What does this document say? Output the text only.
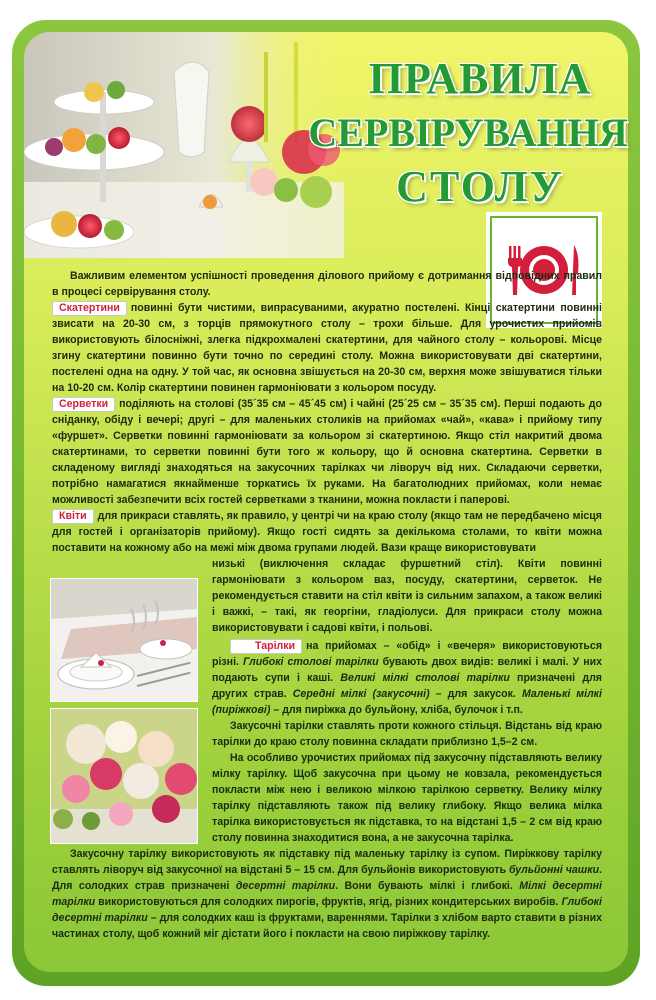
ПРАВИЛА
СЕРВІРУВАННЯ
СТОЛУ

Важливим елементом успішності проведення ділового прийому є дотримання відповідних правил в процесі сервірування столу.

Скатертини повинні бути чистими, випрасуваними, акуратно постелені. Кінці скатертини повинні звисати на 20-30 см, з торців прямокутного столу – трохи більше. Для урочистих прийомів використовують білосніжні, злегка підкрохмалені скатертини, для чайного столу – кольорові. Місце згину скатертини повинно бути точно по середині столу. Можна використовувати дві скатертини, постелені одна на одну. У той час, як основна звішується на 20-30 см, верхня може звішуватися тільки на 10-20 см. Колір скатертини повинен гармоніювати з кольором посуду.

Серветки поділяють на столові (35´35 см – 45´45 см) і чайні (25´25 см – 35´35 см). Перші подають до сніданку, обіду і вечері; другі – для маленьких столиків на прийомах «чай», «кава» і прийому типу «фуршет». Серветки повинні гармоніювати за кольором зі скатертиною. Якщо стіл накритий двома скатертинами, то серветки повинні бути того ж кольору, що й основна скатертина. Серветки в складеному вигляді знаходяться на закусочних тарілках чи ліворуч від них. Складаючи серветки, потрібно намагатися якнайменше торкатись їх руками. На багатолюдних прийомах, коли немає можливості забезпечити всіх гостей серветками з тканини, можна покласти і паперові.

Квіти для прикраси ставлять, як правило, у центрі чи на краю столу (якщо там не передбачено місця для гостей і організаторів прийому). Якщо гості сидять за декількома столами, то квіти можна поставити на кожному або на межі між двома групами людей. Вази краще використовувати

низькі (виключення складає фуршетний стіл). Квіти повинні гармоніювати з кольором ваз, посуду, скатертини, серветок. Не рекомендується ставити на стіл квіти із сильним запахом, а також великі і важкі, – такі, як георгіни, гладіолуси. Для прикраси столу можна використовувати і садові квіти, і польові.

Тарілки на прийомах – «обід» і «вечеря» використовуються різні. Глибокі столові тарілки бувають двох видів: великі і малі. У них подають супи і каші. Великі мілкі столові тарілки призначені для других страв. Середні мілкі (закусочні) – для закусок. Маленькі мілкі (пиріжкові) – для пиріжка до бульйону, хліба, булочок і т.п.

Закусочні тарілки ставлять проти кожного стільця. Відстань від краю тарілки до краю столу повинна складати приблизно 1,5–2 см.

На особливо урочистих прийомах під закусочну підставляють велику мілку тарілку. Щоб закусочна при цьому не ковзала, рекомендується покласти між нею і великою мілкою тарілкою серветку. Велику мілку тарілку підставляють також під велику глибоку. Якщо велика мілка тарілка використовується як підставка, то на відстані 1,5 – 2 см від краю столу повинна знаходитися вона, а не закусочна тарілка.

Закусочну тарілку використовують як підставку під маленьку тарілку із супом. Пиріжкову тарілку ставлять ліворуч від закусочної на відстані 5 – 15 см. Для бульйонів використовують бульйонні чашки. Для солодких страв призначені десертні тарілки. Вони бувають мілкі і глибокі. Мілкі десертні тарілки використовуються для солодких пирогів, фруктів, ягід, різних кондитерських виробів. Глибокі десертні тарілки – для солодких каш із фруктами, вареннями. Тарілки з хлібом варто ставити в різних частинах столу, щоб кожний міг дістати його і покласти на свою пиріжкову тарілку.
